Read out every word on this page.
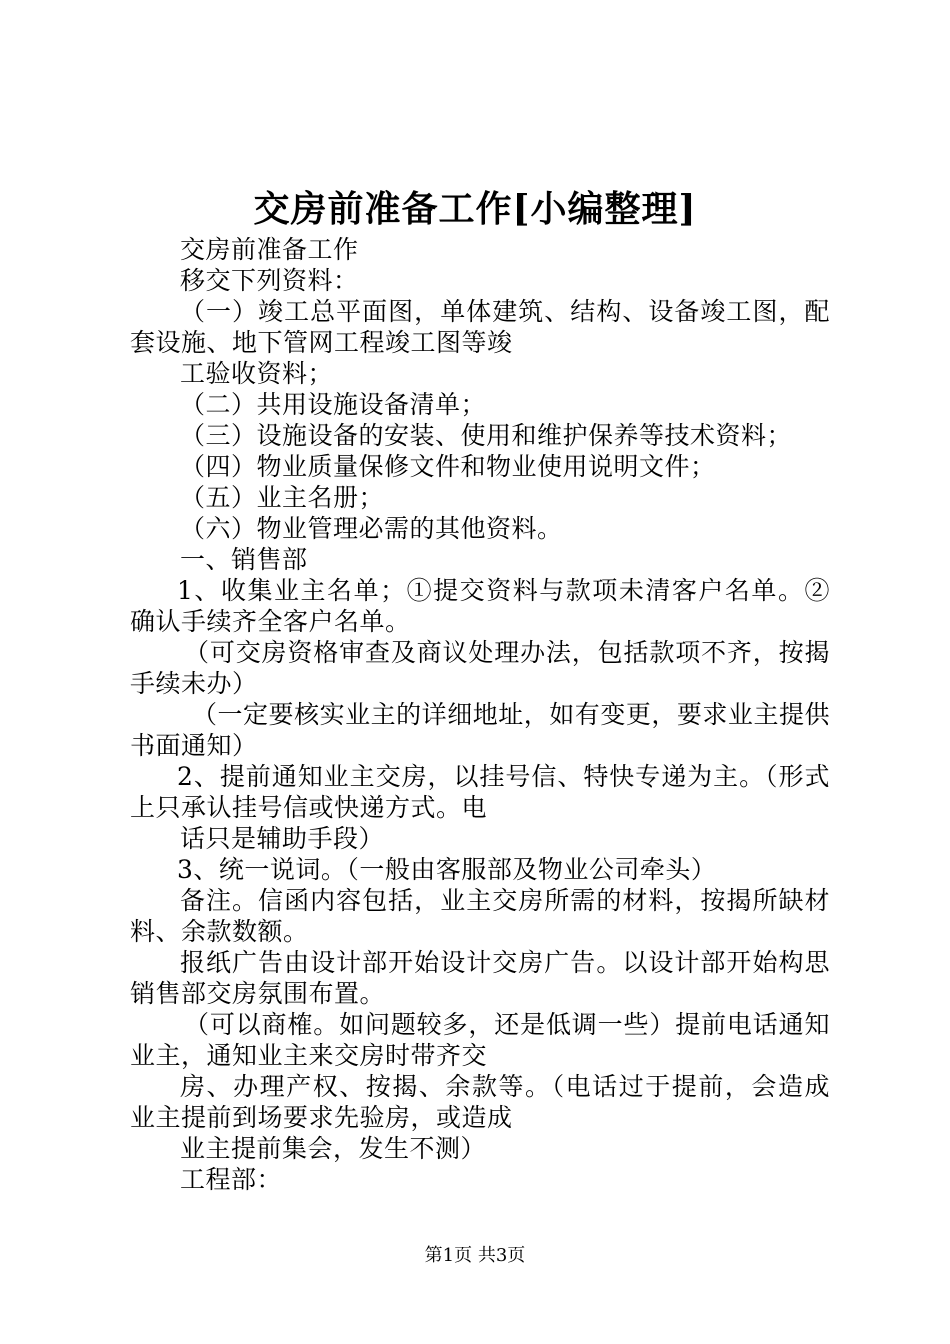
交房前准备工作[小编整理]

交房前准备工作

移交下列资料：

（一）竣工总平面图，单体建筑、结构、设备竣工图，配套设施、地下管网工程竣工图等竣

工验收资料；

（二）共用设施设备清单；

（三）设施设备的安装、使用和维护保养等技术资料；

（四）物业质量保修文件和物业使用说明文件；

（五）业主名册；

（六）物业管理必需的其他资料。

一、销售部

1、收集业主名单；①提交资料与款项未清客户名单。②确认手续齐全客户名单。

（可交房资格审查及商议处理办法，包括款项不齐，按揭手续未办）

（一定要核实业主的详细地址，如有变更，要求业主提供书面通知）

2、提前通知业主交房，以挂号信、特快专递为主。（形式上只承认挂号信或快递方式。电

话只是辅助手段）

3、统一说词。（一般由客服部及物业公司牵头）

备注。信函内容包括，业主交房所需的材料，按揭所缺材料、余款数额。

报纸广告由设计部开始设计交房广告。以设计部开始构思销售部交房氛围布置。

（可以商榷。如问题较多，还是低调一些）提前电话通知业主，通知业主来交房时带齐交

房、办理产权、按揭、余款等。（电话过于提前，会造成业主提前到场要求先验房，或造成

业主提前集会，发生不测）

工程部：

第1页 共3页
